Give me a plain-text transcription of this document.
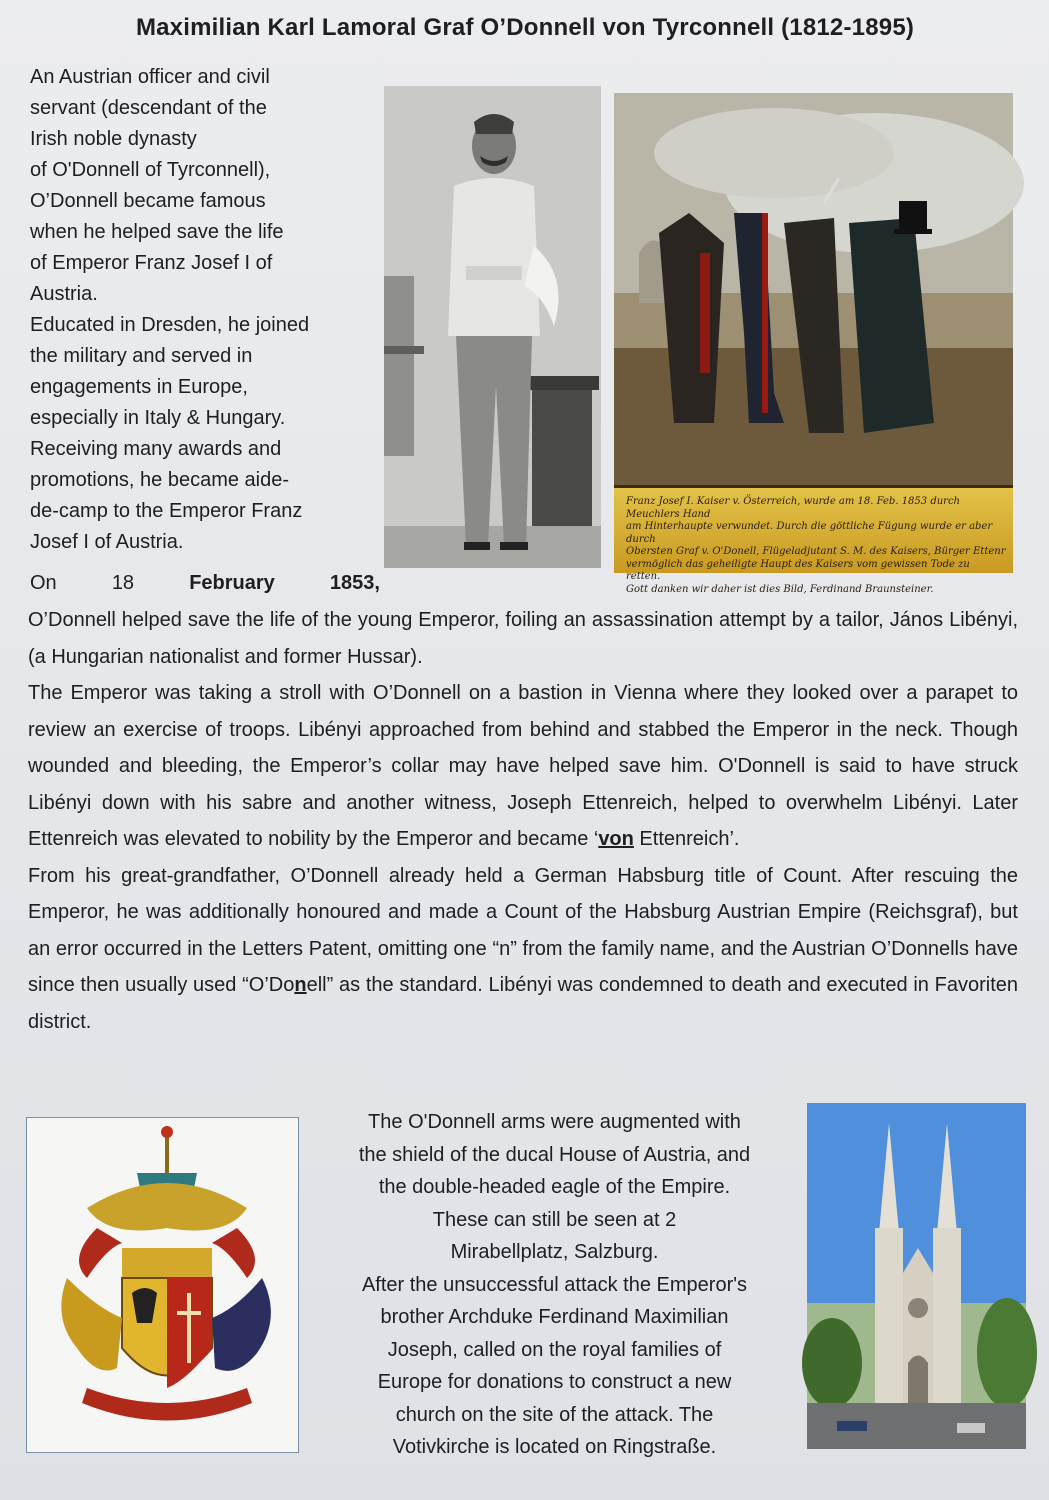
Maximilian Karl Lamoral Graf O’Donnell von Tyrconnell (1812-1895)

An Austrian officer and civil
servant (descendant of the
Irish noble dynasty
of O'Donnell of Tyrconnell),
O’Donnell became famous
when he helped save the life
of Emperor Franz Josef I of
Austria.

Educated in Dresden, he joined
the military and served in
engagements in Europe,
especially in Italy & Hungary.
Receiving many awards and
promotions, he became aide-
de-camp to the Emperor Franz
Josef I of Austria.

Franz Josef I. Kaiser v. Österreich, wurde am 18. Feb. 1853 durch Meuchlers Hand
am Hinterhaupte verwundet. Durch die göttliche Fügung wurde er aber durch
Obersten Graf v. O'Donell, Flügeladjutant S. M. des Kaisers, Bürger Ettenr
vermöglich das geheiligte Haupt des Kaisers vom gewissen Tode zu retten.
Gott danken wir daher ist dies Bild, Ferdinand Braunsteiner.
On	18	February	1853,

O’Donnell helped save the life of the young Emperor, foiling an assassination attempt by a tailor, János Libényi, (a Hungarian nationalist and former Hussar).

The Emperor was taking a stroll with O’Donnell on a bastion in Vienna where they looked over a parapet to review an exercise of troops. Libényi approached from behind and stabbed the Emperor in the neck. Though wounded and bleeding, the Emperor’s collar may have helped save him. O'Donnell is said to have struck Libényi down with his sabre and another witness, Joseph Ettenreich, helped to overwhelm Libényi. Later Ettenreich was elevated to nobility by the Emperor and became ‘von Ettenreich’.

From his great-grandfather, O’Donnell already held a German Habsburg title of Count. After rescuing the Emperor, he was additionally honoured and made a Count of the Habsburg Austrian Empire (Reichsgraf), but an error occurred in the Letters Patent, omitting one “n” from the family name, and the Austrian O’Donnells have since then usually used “O’Donell” as the standard. Libényi was condemned to death and executed in Favoriten district.

The O'Donnell arms were augmented with

the shield of the ducal House of Austria, and

the double-headed eagle of the Empire.

These can still be seen at 2

Mirabellplatz, Salzburg.

After the unsuccessful attack the Emperor's

brother Archduke Ferdinand Maximilian

Joseph, called on the royal families of

Europe for donations to construct a new

church on the site of the attack. The

Votivkirche is located on Ringstraße.
